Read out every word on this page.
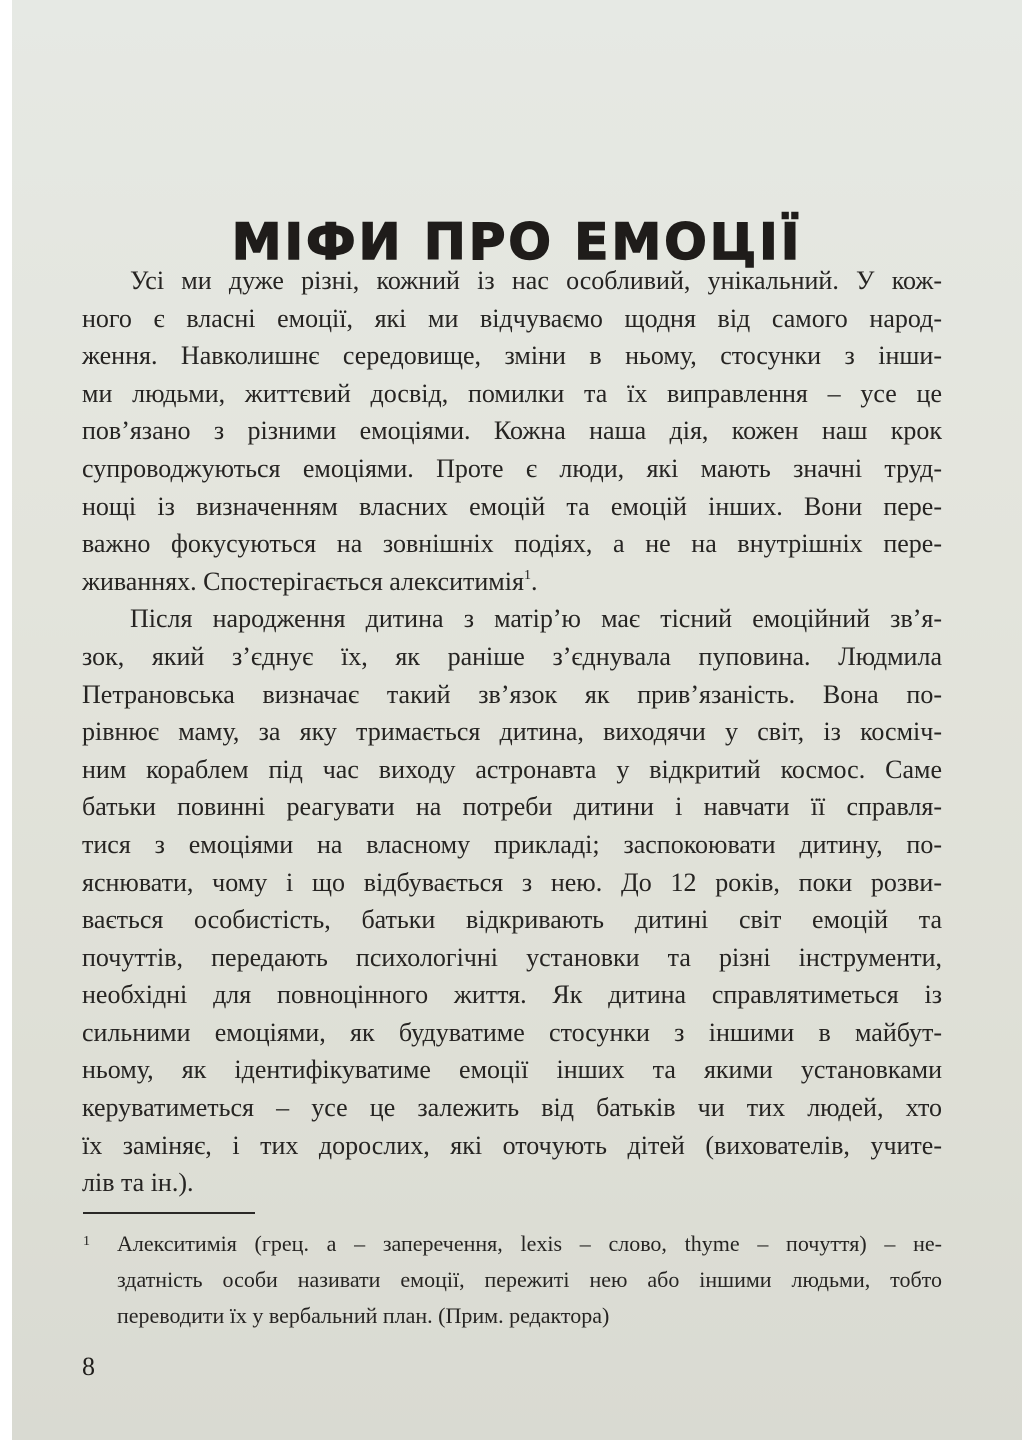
МІФИ ПРО ЕМОЦІЇ
Усі ми дуже різні, кожний із нас особливий, унікальний. У кож-
ного є власні емоції, які ми відчуваємо щодня від самого народ-
ження. Навколишнє середовище, зміни в ньому, стосунки з інши-
ми людьми, життєвий досвід, помилки та їх виправлення – усе це
пов’язано з різними емоціями. Кожна наша дія, кожен наш крок
супроводжуються емоціями. Проте є люди, які мають значні труд-
нощі із визначенням власних емоцій та емоцій інших. Вони пере-
важно фокусуються на зовнішніх подіях, а не на внутрішніх пере-
живаннях. Спостерігається алекситимія$^1$.
Після народження дитина з матір’ю має тісний емоційний зв’я-
зок, який з’єднує їх, як раніше з’єднувала пуповина. Людмила
Петрановська визначає такий зв’язок як прив’язаність. Вона по-
рівнює маму, за яку тримається дитина, виходячи у світ, із косміч-
ним кораблем під час виходу астронавта у відкритий космос. Саме
батьки повинні реагувати на потреби дитини і навчати її справля-
тися з емоціями на власному прикладі; заспокоювати дитину, по-
яснювати, чому і що відбувається з нею. До 12 років, поки розви-
вається особистість, батьки відкривають дитині світ емоцій та
почуттів, передають психологічні установки та різні інструменти,
необхідні для повноцінного життя. Як дитина справлятиметься із
сильними емоціями, як будуватиме стосунки з іншими в майбут-
ньому, як ідентифікуватиме емоції інших та якими установками
керуватиметься – усе це залежить від батьків чи тих людей, хто
їх заміняє, і тих дорослих, які оточують дітей (вихователів, учите-
лів та ін.).
1 Алекситимія (грец. a – заперечення, lexis – слово, thyme – почуття) – не-
здатність особи називати емоції, пережиті нею або іншими людьми, тобто
переводити їх у вербальний план. (Прим. редактора)
8
